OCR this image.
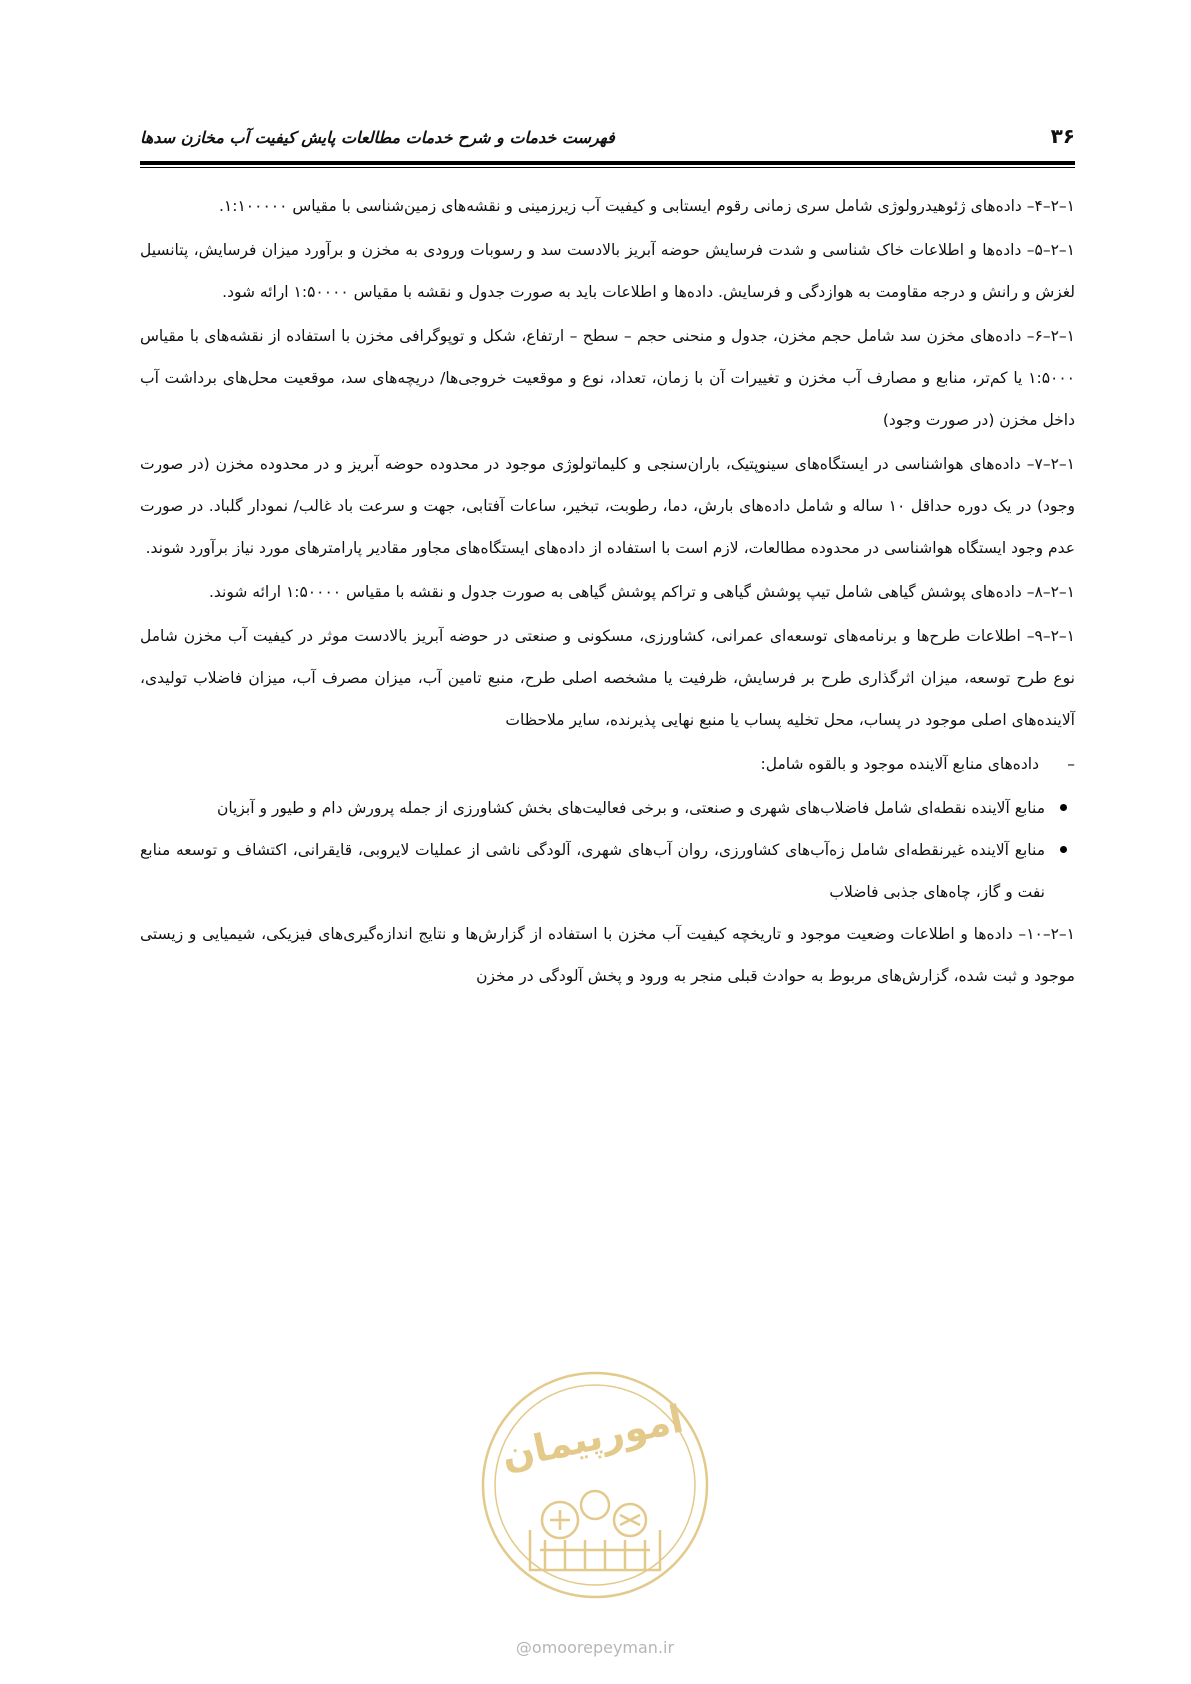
۳۶
فهرست خدمات و شرح خدمات مطالعات پایش کیفیت آب مخازن سدها

۱–۲–۴– داده‌های ژئوهیدرولوژی شامل سری زمانی رقوم ایستابی و کیفیت آب زیرزمینی و نقشه‌های زمین‌شناسی با مقیاس ۱:۱۰۰۰۰۰.

۱–۲–۵– داده‌ها و اطلاعات خاک شناسی و شدت فرسایش حوضه آبریز بالادست سد و رسوبات ورودی به مخزن و برآورد میزان فرسایش، پتانسیل لغزش و رانش و درجه مقاومت به هوازدگی و فرسایش. داده‌ها و اطلاعات باید به صورت جدول و نقشه با مقیاس ۱:۵۰۰۰۰ ارائه شود.

۱–۲–۶– داده‌های مخزن سد شامل حجم مخزن، جدول و منحنی حجم – سطح – ارتفاع، شکل و توپوگرافی مخزن با استفاده از نقشه‌های با مقیاس ۱:۵۰۰۰ یا کم‌تر، منابع و مصارف آب مخزن و تغییرات آن با زمان، تعداد، نوع و موقعیت خروجی‌ها/ دریچه‌های سد، موقعیت محل‌های برداشت آب داخل مخزن (در صورت وجود)

۱–۲–۷– داده‌های هواشناسی در ایستگاه‌های سینوپتیک، باران‌سنجی و کلیماتولوژی موجود در محدوده حوضه آبریز و در محدوده مخزن (در صورت وجود) در یک دوره حداقل ۱۰ ساله و شامل داده‌های بارش، دما، رطوبت، تبخیر، ساعات آفتابی، جهت و سرعت باد غالب/ نمودار گلباد. در صورت عدم وجود ایستگاه هواشناسی در محدوده مطالعات، لازم است با استفاده از داده‌های ایستگاه‌های مجاور مقادیر پارامترهای مورد نیاز برآورد شوند.

۱–۲–۸– داده‌های پوشش گیاهی شامل تیپ پوشش گیاهی و تراکم پوشش گیاهی به صورت جدول و نقشه با مقیاس ۱:۵۰۰۰۰ ارائه شوند.

۱–۲–۹– اطلاعات طرح‌ها و برنامه‌های توسعه‌ای عمرانی، کشاورزی، مسکونی و صنعتی در حوضه آبریز بالادست موثر در کیفیت آب مخزن شامل نوع طرح توسعه، میزان اثرگذاری طرح بر فرسایش، ظرفیت یا مشخصه اصلی طرح، منبع تامین آب، میزان مصرف آب، میزان فاضلاب تولیدی، آلاینده‌های اصلی موجود در پساب، محل تخلیه پساب یا منبع نهایی پذیرنده، سایر ملاحظات

–
داده‌های منابع آلاینده موجود و بالقوه شامل:

منابع آلاینده نقطه‌ای شامل فاضلاب‌های شهری و صنعتی، و برخی فعالیت‌های بخش کشاورزی از جمله پرورش دام و طیور و آبزیان
منابع آلاینده غیرنقطه‌ای شامل زه‌آب‌های کشاورزی، روان آب‌های شهری، آلودگی ناشی از عملیات لایروبی، قایقرانی، اکتشاف و توسعه منابع نفت و گاز، چاه‌های جذبی فاضلاب

۱–۲–۱۰– داده‌ها و اطلاعات وضعیت موجود و تاریخچه کیفیت آب مخزن با استفاده از گزارش‌ها و نتایج اندازه‌گیری‌های فیزیکی، شیمیایی و زیستی موجود و ثبت شده، گزارش‌های مربوط به حوادث قبلی منجر به ورود و پخش آلودگی در مخزن

امورپیمان
@omoorepeyman.ir
